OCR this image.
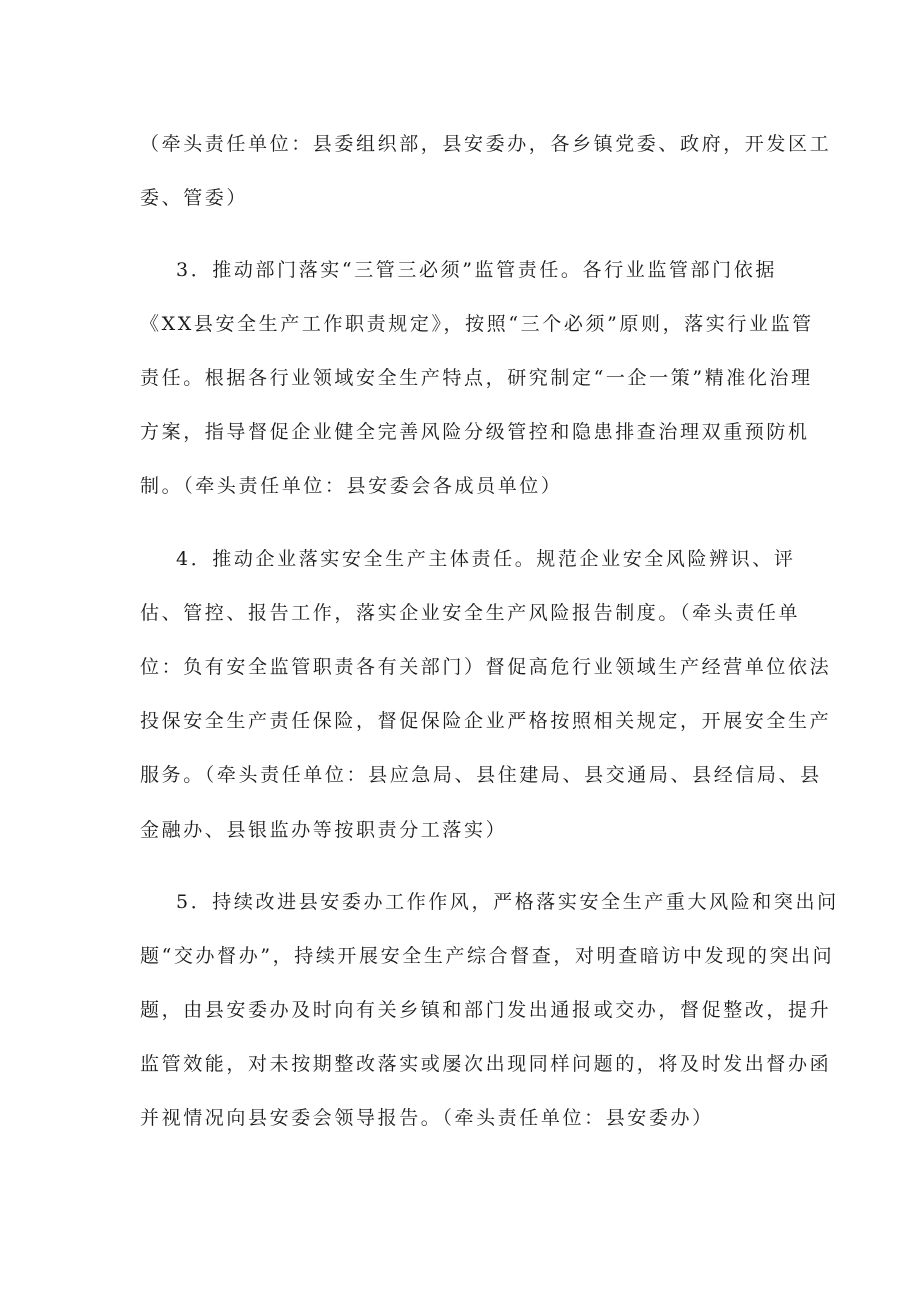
（牵头责任单位：县委组织部，县安委办，各乡镇党委、政府，开发区工
委、管委）
3．推动部门落实“三管三必须”监管责任。各行业监管部门依据
《XX县安全生产工作职责规定》，按照“三个必须”原则，落实行业监管
责任。根据各行业领域安全生产特点，研究制定“一企一策”精准化治理
方案，指导督促企业健全完善风险分级管控和隐患排查治理双重预防机
制。（牵头责任单位：县安委会各成员单位）
4．推动企业落实安全生产主体责任。规范企业安全风险辨识、评
估、管控、报告工作，落实企业安全生产风险报告制度。（牵头责任单
位：负有安全监管职责各有关部门）督促高危行业领域生产经营单位依法
投保安全生产责任保险，督促保险企业严格按照相关规定，开展安全生产
服务。（牵头责任单位：县应急局、县住建局、县交通局、县经信局、县
金融办、县银监办等按职责分工落实）
5．持续改进县安委办工作作风，严格落实安全生产重大风险和突出问
题“交办督办”，持续开展安全生产综合督查，对明查暗访中发现的突出问
题，由县安委办及时向有关乡镇和部门发出通报或交办，督促整改，提升
监管效能，对未按期整改落实或屡次出现同样问题的，将及时发出督办函
并视情况向县安委会领导报告。（牵头责任单位：县安委办）
